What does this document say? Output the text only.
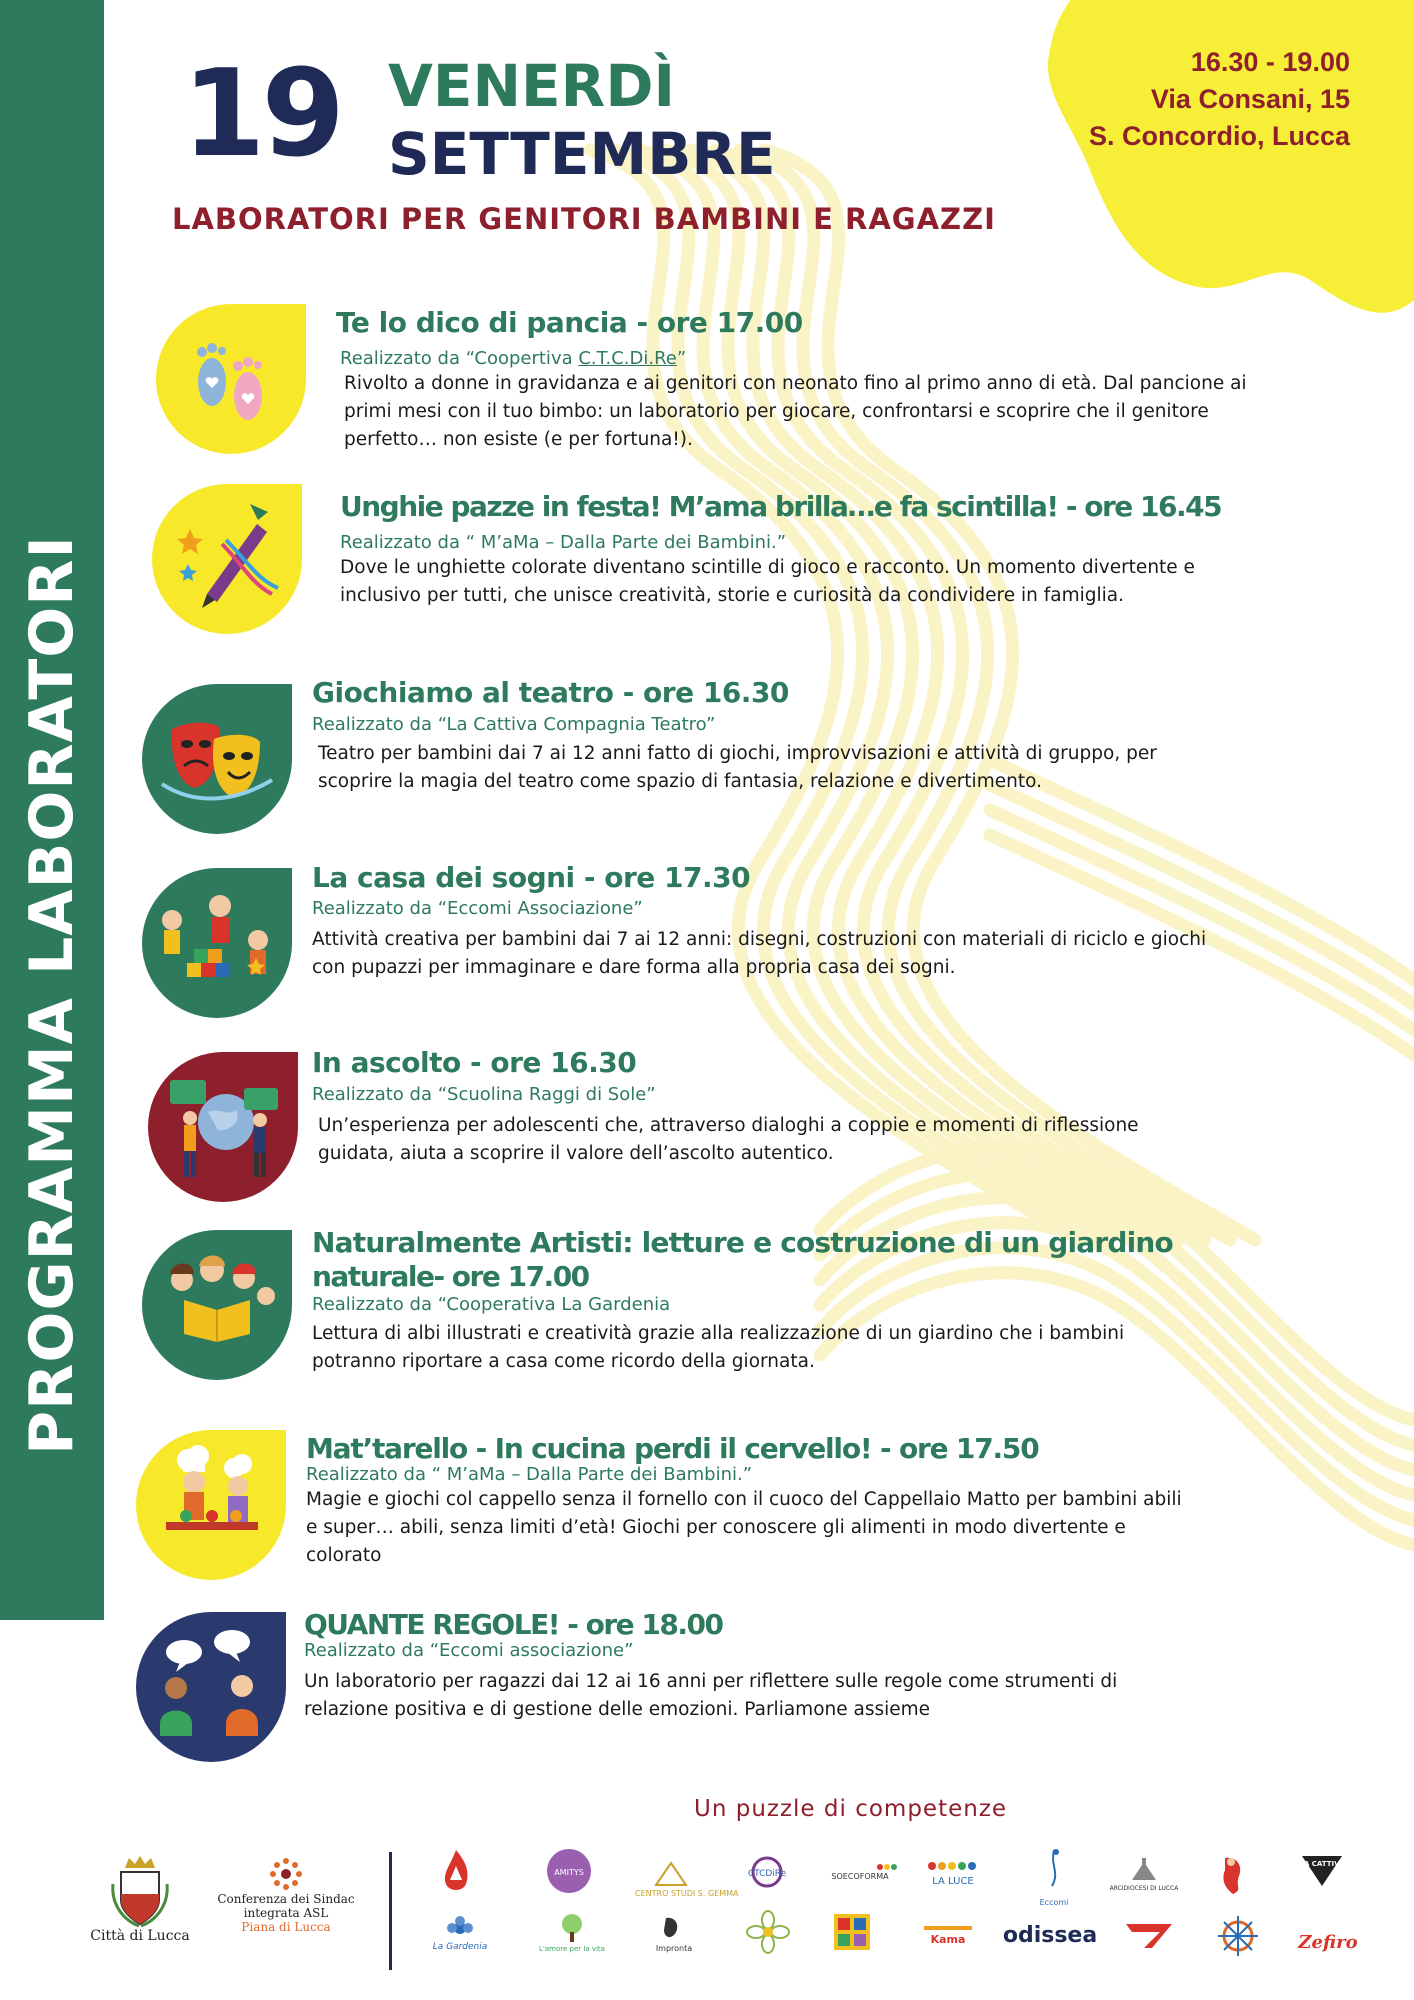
PROGRAMMA LABORATORI
16.30 - 19.00
Via Consani, 15
S. Concordio, Lucca
19 VENERDÌ
SETTEMBRE
LABORATORI PER GENITORI BAMBINI E RAGAZZI
Te lo dico di pancia - ore 17.00
Realizzato da “Coopertiva C.T.C.Di.Re”
Rivolto a donne in gravidanza e ai genitori con neonato fino al primo anno di età. Dal pancione ai primi mesi con il tuo bimbo: un laboratorio per giocare, confrontarsi e scoprire che il genitore perfetto… non esiste (e per fortuna!).
Unghie pazze in festa! M’ama brilla…e fa scintilla! - ore 16.45
Realizzato da “ M’aMa – Dalla Parte dei Bambini.”
Dove le unghiette colorate diventano scintille di gioco e racconto. Un momento divertente e inclusivo per tutti, che unisce creatività, storie e curiosità da condividere in famiglia.
Giochiamo al teatro - ore 16.30
Realizzato da “La Cattiva Compagnia Teatro”
Teatro per bambini dai 7 ai 12 anni fatto di giochi, improvvisazioni e attività di gruppo, per scoprire la magia del teatro come spazio di fantasia, relazione e divertimento.
La casa dei sogni - ore 17.30
Realizzato da “Eccomi Associazione”
Attività creativa per bambini dai 7 ai 12 anni: disegni, costruzioni con materiali di riciclo e giochi con pupazzi per immaginare e dare forma alla propria casa dei sogni.
In ascolto - ore 16.30
Realizzato da “Scuolina Raggi di Sole”
Un’esperienza per adolescenti che, attraverso dialoghi a coppie e momenti di riflessione guidata, aiuta a scoprire il valore dell’ascolto autentico.
Naturalmente Artisti: letture e costruzione di un giardino
naturale- ore 17.00
Realizzato da “Cooperativa La Gardenia
Lettura di albi illustrati e creatività grazie alla realizzazione di un giardino che i bambini potranno riportare a casa come ricordo della giornata.
Mat’tarello - In cucina perdi il cervello! - ore 17.50
Realizzato da “ M’aMa – Dalla Parte dei Bambini.”
Magie e giochi col cappello senza il fornello con il cuoco del Cappellaio Matto per bambini abili e super… abili, senza limiti d’età! Giochi per conoscere gli alimenti in modo divertente e colorato
QUANTE REGOLE! - ore 18.00
Realizzato da “Eccomi associazione”
Un laboratorio per ragazzi dai 12 ai 16 anni per riflettere sulle regole come strumenti di relazione positiva e di gestione delle emozioni. Parliamone assieme
Un puzzle di competenze
Città di Lucca
Conferenza dei Sindac
integrata ASL
Piana di Lucca
AMITYS
CENTRO STUDI S. GEMMA
CTCDiRe	SOECOFORMA	LA LUCE
Eccomi
ARCIDIOCESI DI LUCCA
LA CATTIVA
La Gardenia	L'amore per la vita	Impronta
Kama odissea	Zefiro
